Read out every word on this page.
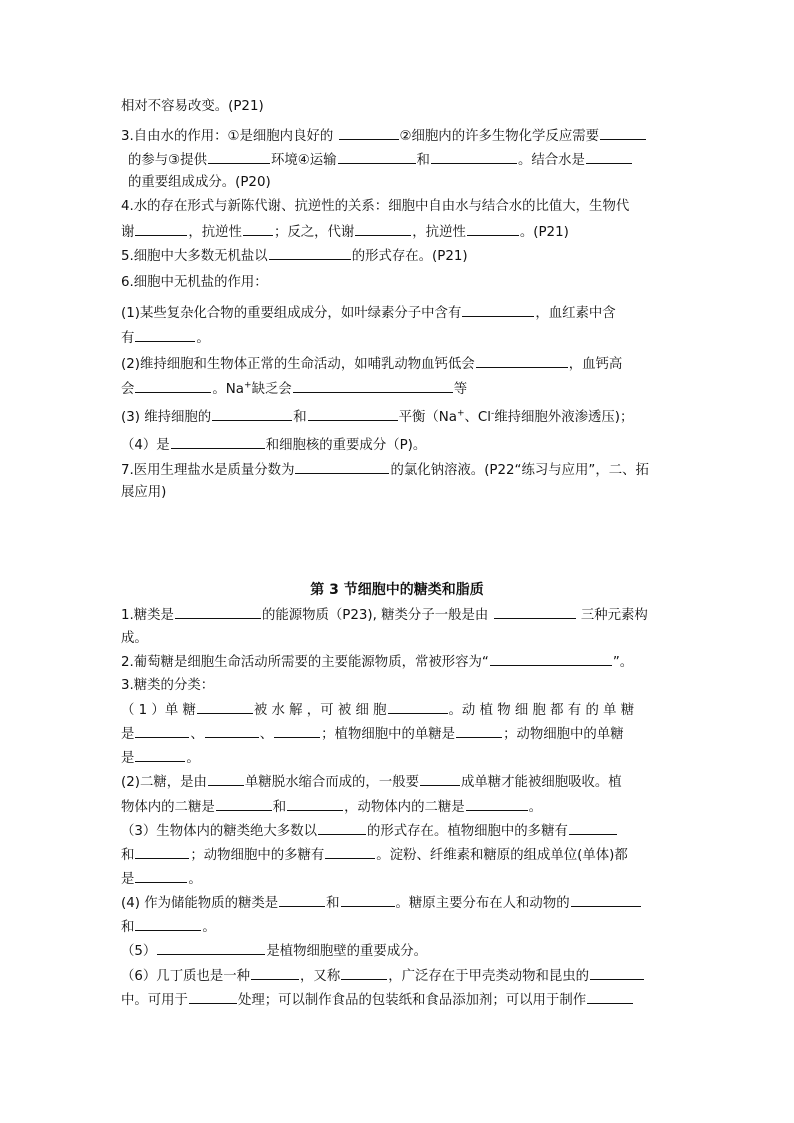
相对不容易改变。(P21)
3.自由水的作用：①是细胞内良好的	②细胞内的许多生物化学反应需要
的参与③提供	环境④运输	和	。结合水是
的重要组成成分。(P20)
4.水的存在形式与新陈代谢、抗逆性的关系：细胞中自由水与结合水的比值大，生物代
谢	，抗逆性 ；反之，代谢	，抗逆性	。(P21)
5.细胞中大多数无机盐以	的形式存在。(P21)
6.细胞中无机盐的作用：
(1)某些复杂化合物的重要组成成分，如叶绿素分子中含有	，血红素中含
有	。
(2)维持细胞和生物体正常的生命活动，如哺乳动物血钙低会	，血钙高
会	。Na+缺乏会	等
(3) 维持细胞的	和	平衡（Na+、Cl-维持细胞外液渗透压)；
（4）是	和细胞核的重要成分（P)。
7.医用生理盐水是质量分数为	的氯化钠溶液。(P22“练习与应用”，二、拓
展应用)
第 3 节细胞中的糖类和脂质
1.糖类是	的能源物质（P23), 糖类分子一般是由	三种元素构
成。
2.葡萄糖是细胞生命活动所需要的主要能源物质，常被形容为“	”。
3.糖类的分类：
（ 1 ）单 糖	被 水 解 ，可 被 细 胞	。动 植 物 细 胞 都 有 的 单 糖
是	、	、	；植物细胞中的单糖是	；动物细胞中的单糖
是	。
(2)二糖，是由	单糖脱水缩合而成的，一般要	成单糖才能被细胞吸收。植
物体内的二糖是	和	，动物体内的二糖是	。
（3）生物体内的糖类绝大多数以	的形式存在。植物细胞中的多糖有
和	；动物细胞中的多糖有	。淀粉、纤维素和糖原的组成单位(单体)都
是	。
(4) 作为储能物质的糖类是	和	。糖原主要分布在人和动物的
和	。
（5）	是植物细胞壁的重要成分。
（6）几丁质也是一种	，又称	，广泛存在于甲壳类动物和昆虫的
中。可用于	处理；可以制作食品的包装纸和食品添加剂；可以用于制作
